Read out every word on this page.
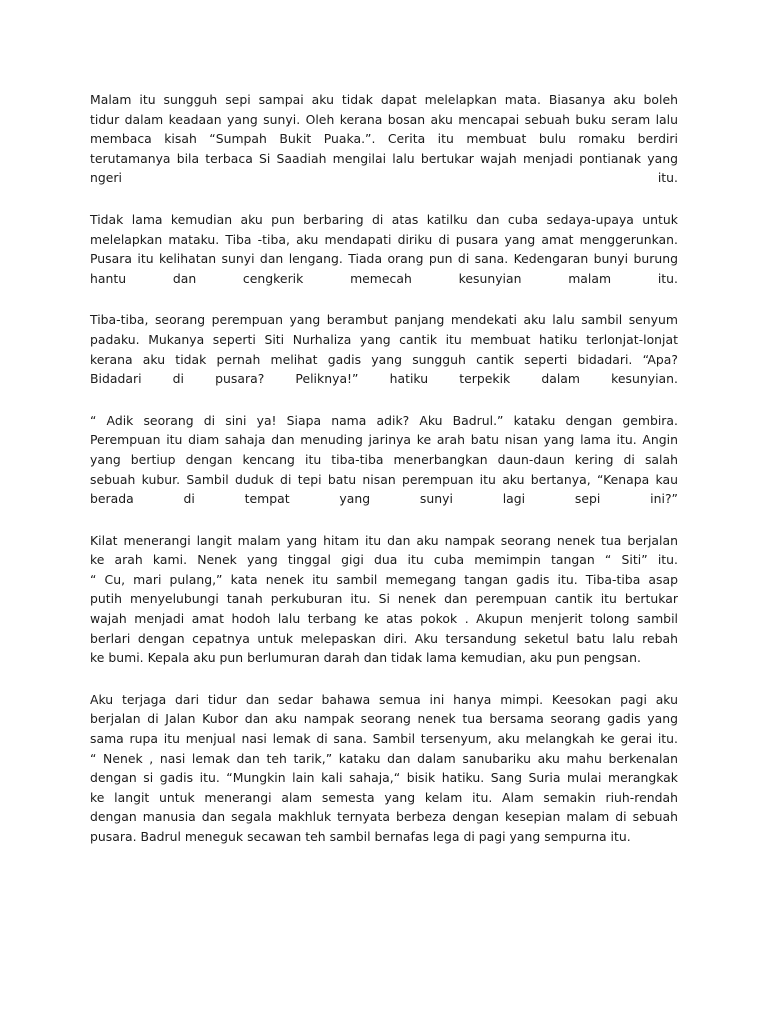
Malam itu sungguh sepi sampai aku tidak dapat melelapkan mata. Biasanya aku boleh
tidur dalam keadaan yang sunyi. Oleh kerana bosan aku mencapai sebuah buku seram lalu
membaca kisah “Sumpah Bukit Puaka.”. Cerita itu membuat bulu romaku berdiri
terutamanya bila terbaca Si Saadiah mengilai lalu bertukar wajah menjadi pontianak yang
ngeri itu.

Tidak lama kemudian aku pun berbaring di atas katilku dan cuba sedaya-upaya untuk
melelapkan mataku. Tiba -tiba, aku mendapati diriku di pusara yang amat menggerunkan.
Pusara itu kelihatan sunyi dan lengang. Tiada orang pun di sana. Kedengaran bunyi burung
hantu dan cengkerik memecah kesunyian malam itu.

Tiba-tiba, seorang perempuan yang berambut panjang mendekati aku lalu sambil senyum
padaku. Mukanya seperti Siti Nurhaliza yang cantik itu membuat hatiku terlonjat-lonjat
kerana aku tidak pernah melihat gadis yang sungguh cantik seperti bidadari. “Apa?
Bidadari di pusara? Peliknya!” hatiku terpekik dalam kesunyian.

“ Adik seorang di sini ya! Siapa nama adik? Aku Badrul.” kataku dengan gembira.
Perempuan itu diam sahaja dan menuding jarinya ke arah batu nisan yang lama itu. Angin
yang bertiup dengan kencang itu tiba-tiba menerbangkan daun-daun kering di salah
sebuah kubur. Sambil duduk di tepi batu nisan perempuan itu aku bertanya, “Kenapa kau
berada di tempat yang sunyi lagi sepi ini?”

Kilat menerangi langit malam yang hitam itu dan aku nampak seorang nenek tua berjalan
ke arah kami. Nenek yang tinggal gigi dua itu cuba memimpin tangan “ Siti” itu.
“ Cu, mari pulang,” kata nenek itu sambil memegang tangan gadis itu. Tiba-tiba asap
putih menyelubungi tanah perkuburan itu. Si nenek dan perempuan cantik itu bertukar
wajah menjadi amat hodoh lalu terbang ke atas pokok . Akupun menjerit tolong sambil
berlari dengan cepatnya untuk melepaskan diri. Aku tersandung seketul batu lalu rebah
ke bumi. Kepala aku pun berlumuran darah dan tidak lama kemudian, aku pun pengsan.

Aku terjaga dari tidur dan sedar bahawa semua ini hanya mimpi. Keesokan pagi aku
berjalan di Jalan Kubor dan aku nampak seorang nenek tua bersama seorang gadis yang
sama rupa itu menjual nasi lemak di sana. Sambil tersenyum, aku melangkah ke gerai itu.
“ Nenek , nasi lemak dan teh tarik,” kataku dan dalam sanubariku aku mahu berkenalan
dengan si gadis itu. “Mungkin lain kali sahaja,“ bisik hatiku. Sang Suria mulai merangkak
ke langit untuk menerangi alam semesta yang kelam itu. Alam semakin riuh-rendah
dengan manusia dan segala makhluk ternyata berbeza dengan kesepian malam di sebuah
pusara. Badrul meneguk secawan teh sambil bernafas lega di pagi yang sempurna itu.
